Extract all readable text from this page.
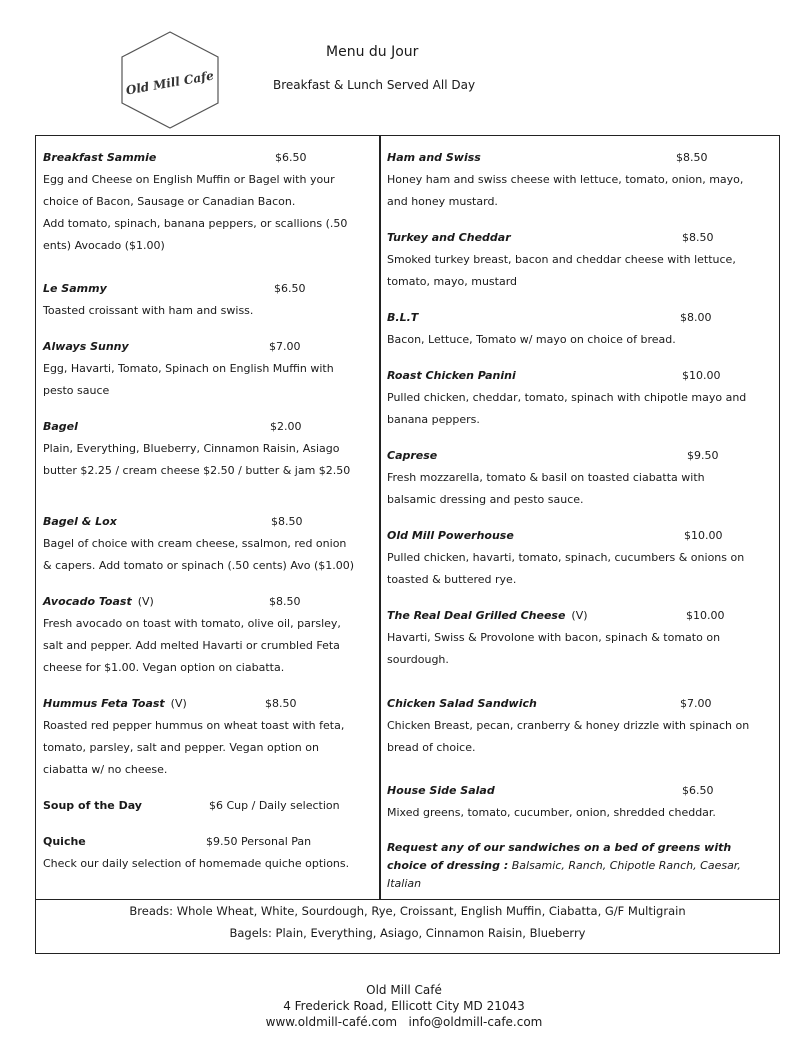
Old Mill Cafe
Menu du Jour
Breakfast & Lunch Served All Day
Breakfast Sammie	$6.50
Egg and Cheese on English Muffin or Bagel with your
choice of Bacon, Sausage or Canadian Bacon.
Add tomato, spinach, banana peppers, or scallions (.50
ents) Avocado ($1.00)
Le Sammy	$6.50
Toasted croissant with ham and swiss.
Always Sunny	$7.00
Egg, Havarti, Tomato, Spinach on English Muffin with
pesto sauce
Bagel	$2.00
Plain, Everything, Blueberry, Cinnamon Raisin, Asiago
butter $2.25 / cream cheese $2.50 / butter & jam $2.50
Bagel & Lox	$8.50
Bagel of choice with cream cheese, ssalmon, red onion
& capers. Add tomato or spinach (.50 cents) Avo ($1.00)
Avocado Toast (V)	$8.50
Fresh avocado on toast with tomato, olive oil, parsley,
salt and pepper. Add melted Havarti or crumbled Feta
cheese for $1.00. Vegan option on ciabatta.
Hummus Feta Toast (V)	$8.50
Roasted red pepper hummus on wheat toast with feta,
tomato, parsley, salt and pepper. Vegan option on
ciabatta w/ no cheese.
Soup of the Day	$6 Cup / Daily selection
Quiche	$9.50 Personal Pan
Check our daily selection of homemade quiche options.
Ham and Swiss	$8.50
Honey ham and swiss cheese with lettuce, tomato, onion, mayo,
and honey mustard.
Turkey and Cheddar	$8.50
Smoked turkey breast, bacon and cheddar cheese with lettuce,
tomato, mayo, mustard
B.L.T	$8.00
Bacon, Lettuce, Tomato w/ mayo on choice of bread.
Roast Chicken Panini	$10.00
Pulled chicken, cheddar, tomato, spinach with chipotle mayo and
banana peppers.
Caprese	$9.50
Fresh mozzarella, tomato & basil on toasted ciabatta with
balsamic dressing and pesto sauce.
Old Mill Powerhouse	$10.00
Pulled chicken, havarti, tomato, spinach, cucumbers & onions on
toasted & buttered rye.
The Real Deal Grilled Cheese (V)	$10.00
Havarti, Swiss & Provolone with bacon, spinach & tomato on
sourdough.
Chicken Salad Sandwich	$7.00
Chicken Breast, pecan, cranberry & honey drizzle with spinach on
bread of choice.
House Side Salad	$6.50
Mixed greens, tomato, cucumber, onion, shredded cheddar.
Request any of our sandwiches on a bed of greens with choice of dressing : Balsamic, Ranch, Chipotle Ranch, Caesar, Italian
Breads: Whole Wheat, White, Sourdough, Rye, Croissant, English Muffin, Ciabatta, G/F Multigrain
Bagels: Plain, Everything, Asiago, Cinnamon Raisin, Blueberry
Old Mill Café
4 Frederick Road, Ellicott City MD 21043
www.oldmill-café.com   info@oldmill-cafe.com
